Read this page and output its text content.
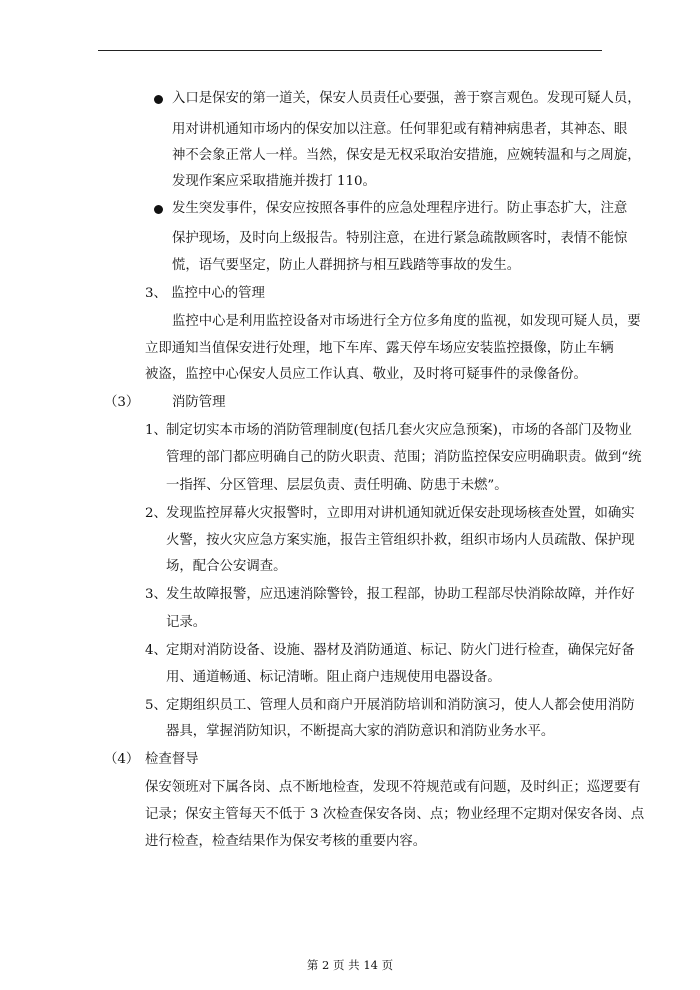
入口是保安的第一道关，保安人员责任心要强，善于察言观色。发现可疑人员，
用对讲机通知市场内的保安加以注意。任何罪犯或有精神病患者，其神态、眼
神不会象正常人一样。当然，保安是无权采取治安措施，应婉转温和与之周旋，
发现作案应采取措施并拨打 110。
发生突发事件，保安应按照各事件的应急处理程序进行。防止事态扩大，注意
保护现场，及时向上级报告。特别注意，在进行紧急疏散顾客时，表情不能惊
慌，语气要坚定，防止人群拥挤与相互践踏等事故的发生。
3、 监控中心的管理
监控中心是利用监控设备对市场进行全方位多角度的监视，如发现可疑人员，要
立即通知当值保安进行处理，地下车库、露天停车场应安装监控摄像，防止车辆
被盗，监控中心保安人员应工作认真、敬业，及时将可疑事件的录像备份。
（3） 消防管理
1、 制定切实本市场的消防管理制度(包括几套火灾应急预案)，市场的各部门及物业
管理的部门都应明确自己的防火职责、范围；消防监控保安应明确职责。做到“统
一指挥、分区管理、层层负责、责任明确、防患于未燃”。
2、 发现监控屏幕火灾报警时，立即用对讲机通知就近保安赴现场核查处置，如确实
火警，按火灾应急方案实施，报告主管组织扑救，组织市场内人员疏散、保护现
场，配合公安调查。
3、 发生故障报警，应迅速消除警铃，报工程部，协助工程部尽快消除故障，并作好
记录。
4、 定期对消防设备、设施、器材及消防通道、标记、防火门进行检查，确保完好备
用、通道畅通、标记清晰。阻止商户违规使用电器设备。
5、 定期组织员工、管理人员和商户开展消防培训和消防演习，使人人都会使用消防
器具，掌握消防知识，不断提高大家的消防意识和消防业务水平。
（4） 检查督导
保安领班对下属各岗、点不断地检查，发现不符规范或有问题，及时纠正；巡逻要有
记录；保安主管每天不低于 3 次检查保安各岗、点；物业经理不定期对保安各岗、点
进行检查，检查结果作为保安考核的重要内容。
第 2 页 共 14 页
